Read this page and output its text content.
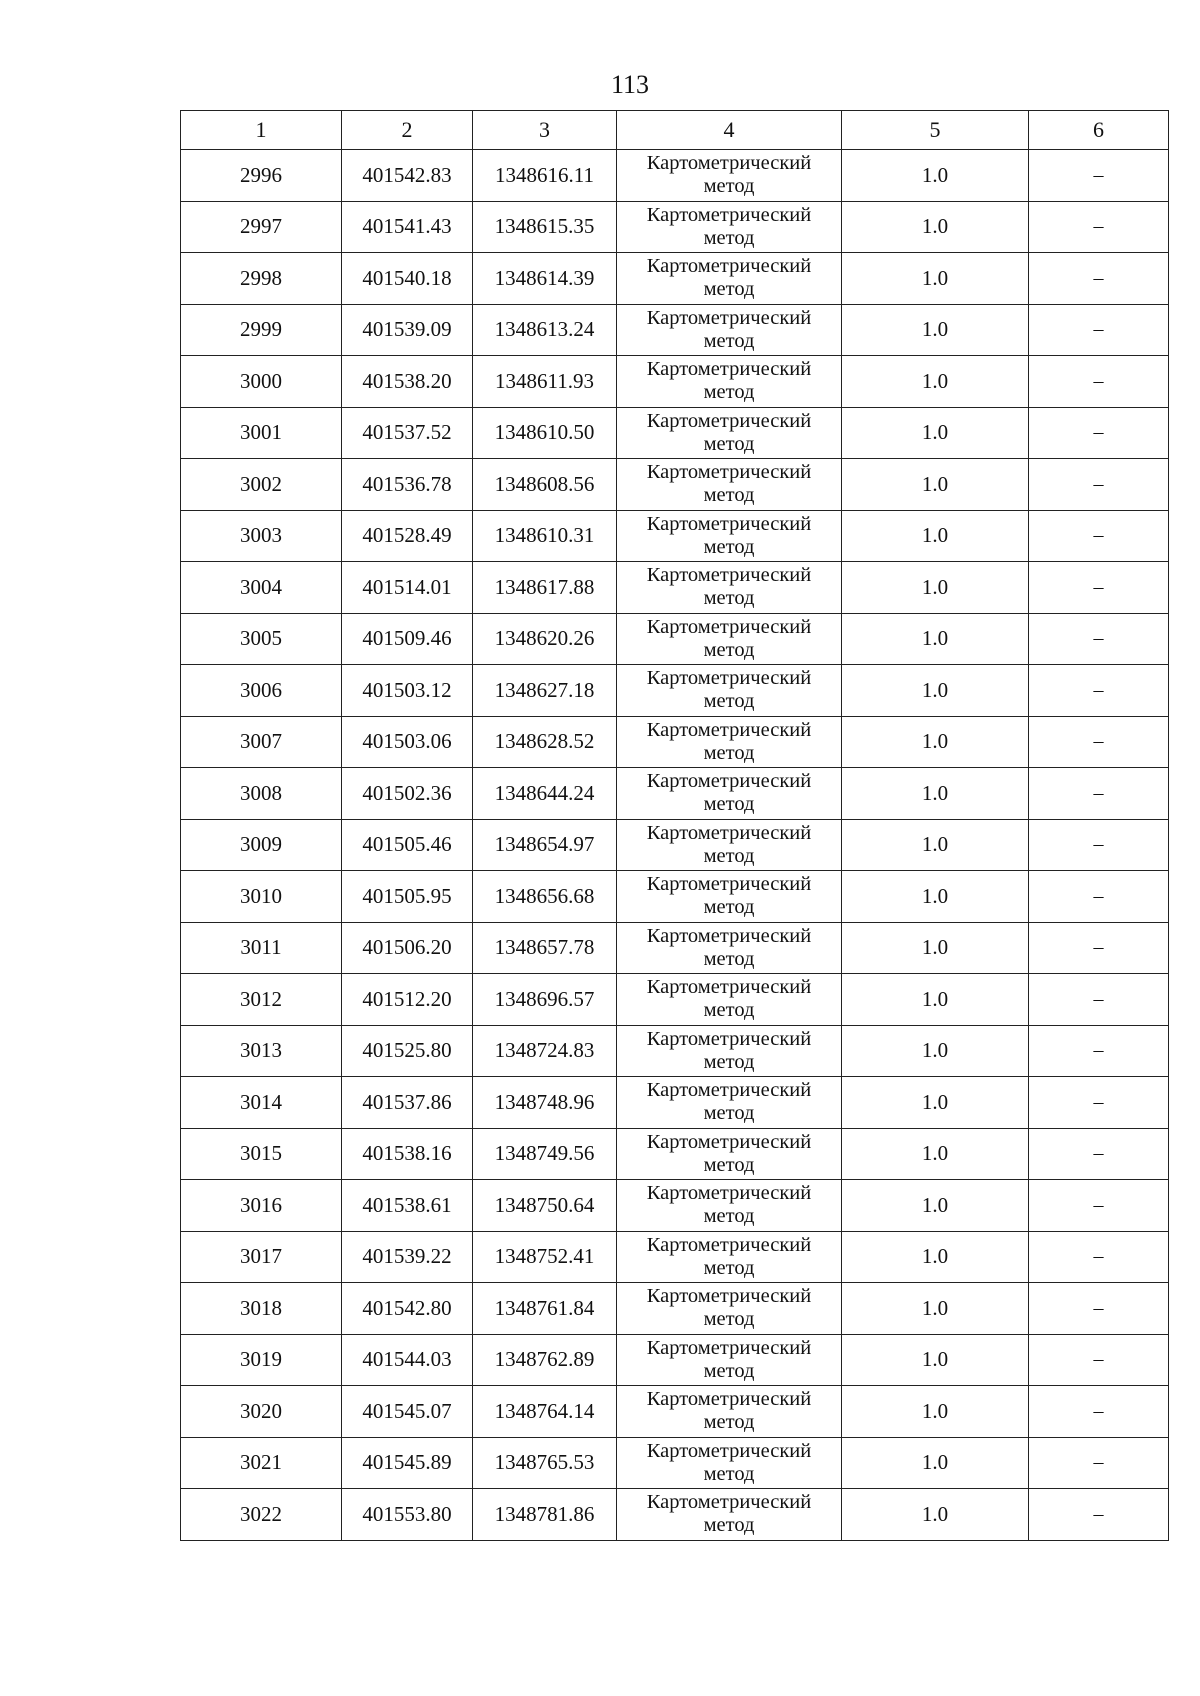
113
1	2	3	4	5	6
2996	401542.83	1348616.11	Картометрический
метод	1.0	–
2997	401541.43	1348615.35	Картометрический
метод	1.0	–
2998	401540.18	1348614.39	Картометрический
метод	1.0	–
2999	401539.09	1348613.24	Картометрический
метод	1.0	–
3000	401538.20	1348611.93	Картометрический
метод	1.0	–
3001	401537.52	1348610.50	Картометрический
метод	1.0	–
3002	401536.78	1348608.56	Картометрический
метод	1.0	–
3003	401528.49	1348610.31	Картометрический
метод	1.0	–
3004	401514.01	1348617.88	Картометрический
метод	1.0	–
3005	401509.46	1348620.26	Картометрический
метод	1.0	–
3006	401503.12	1348627.18	Картометрический
метод	1.0	–
3007	401503.06	1348628.52	Картометрический
метод	1.0	–
3008	401502.36	1348644.24	Картометрический
метод	1.0	–
3009	401505.46	1348654.97	Картометрический
метод	1.0	–
3010	401505.95	1348656.68	Картометрический
метод	1.0	–
3011	401506.20	1348657.78	Картометрический
метод	1.0	–
3012	401512.20	1348696.57	Картометрический
метод	1.0	–
3013	401525.80	1348724.83	Картометрический
метод	1.0	–
3014	401537.86	1348748.96	Картометрический
метод	1.0	–
3015	401538.16	1348749.56	Картометрический
метод	1.0	–
3016	401538.61	1348750.64	Картометрический
метод	1.0	–
3017	401539.22	1348752.41	Картометрический
метод	1.0	–
3018	401542.80	1348761.84	Картометрический
метод	1.0	–
3019	401544.03	1348762.89	Картометрический
метод	1.0	–
3020	401545.07	1348764.14	Картометрический
метод	1.0	–
3021	401545.89	1348765.53	Картометрический
метод	1.0	–
3022	401553.80	1348781.86	Картометрический
метод	1.0	–
